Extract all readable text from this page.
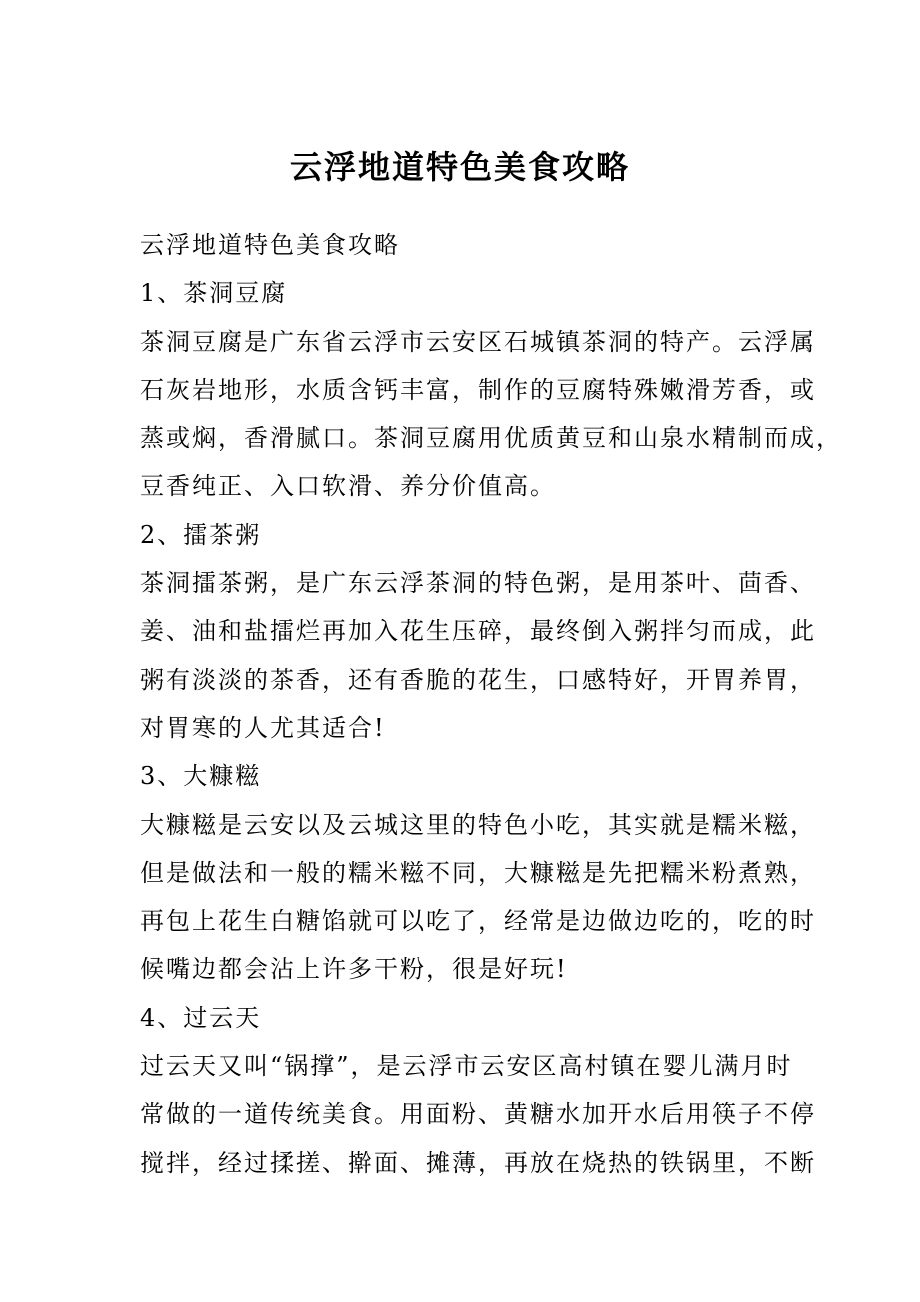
云浮地道特色美食攻略
云浮地道特色美食攻略
1、茶洞豆腐
茶洞豆腐是广东省云浮市云安区石城镇茶洞的特产。云浮属
石灰岩地形，水质含钙丰富，制作的豆腐特殊嫩滑芳香，或
蒸或焖，香滑腻口。茶洞豆腐用优质黄豆和山泉水精制而成，
豆香纯正、入口软滑、养分价值高。
2、擂茶粥
茶洞擂茶粥，是广东云浮茶洞的特色粥，是用茶叶、茴香、
姜、油和盐擂烂再加入花生压碎，最终倒入粥拌匀而成，此
粥有淡淡的茶香，还有香脆的花生，口感特好，开胃养胃，
对胃寒的人尤其适合!
3、大糠糍
大糠糍是云安以及云城这里的特色小吃，其实就是糯米糍，
但是做法和一般的糯米糍不同，大糠糍是先把糯米粉煮熟，
再包上花生白糖馅就可以吃了，经常是边做边吃的，吃的时
候嘴边都会沾上许多干粉，很是好玩!
4、过云天
过云天又叫“锅撑”，是云浮市云安区高村镇在婴儿满月时
常做的一道传统美食。用面粉、黄糖水加开水后用筷子不停
搅拌，经过揉搓、擀面、摊薄，再放在烧热的铁锅里，不断
